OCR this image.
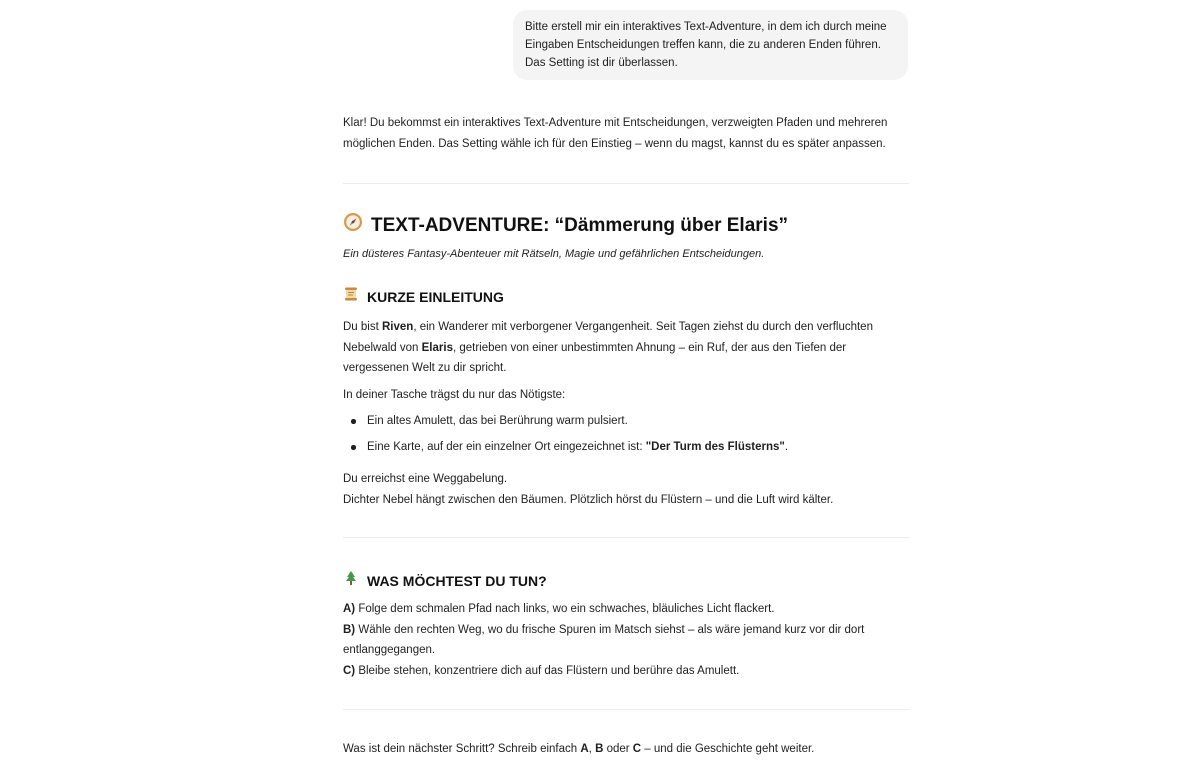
Bitte erstell mir ein interaktives Text-Adventure, in dem ich durch meine
Eingaben Entscheidungen treffen kann, die zu anderen Enden führen.
Das Setting ist dir überlassen.

Klar! Du bekommst ein interaktives Text-Adventure mit Entscheidungen, verzweigten Pfaden und mehreren

möglichen Enden. Das Setting wähle ich für den Einstieg – wenn du magst, kannst du es später anpassen.

TEXT-ADVENTURE: “Dämmerung über Elaris”

Ein düsteres Fantasy-Abenteuer mit Rätseln, Magie und gefährlichen Entscheidungen.

KURZE EINLEITUNG

Du bist Riven, ein Wanderer mit verborgener Vergangenheit. Seit Tagen ziehst du durch den verfluchten
Nebelwald von Elaris, getrieben von einer unbestimmten Ahnung – ein Ruf, der aus den Tiefen der
vergessenen Welt zu dir spricht.

In deiner Tasche trägst du nur das Nötigste:

Ein altes Amulett, das bei Berührung warm pulsiert.
Eine Karte, auf der ein einzelner Ort eingezeichnet ist: "Der Turm des Flüsterns".

Du erreichst eine Weggabelung.
Dichter Nebel hängt zwischen den Bäumen. Plötzlich hörst du Flüstern – und die Luft wird kälter.

WAS MÖCHTEST DU TUN?

A) Folge dem schmalen Pfad nach links, wo ein schwaches, bläuliches Licht flackert.

B) Wähle den rechten Weg, wo du frische Spuren im Matsch siehst – als wäre jemand kurz vor dir dort
entlanggegangen.

C) Bleibe stehen, konzentriere dich auf das Flüstern und berühre das Amulett.

Was ist dein nächster Schritt? Schreib einfach A, B oder C – und die Geschichte geht weiter.
